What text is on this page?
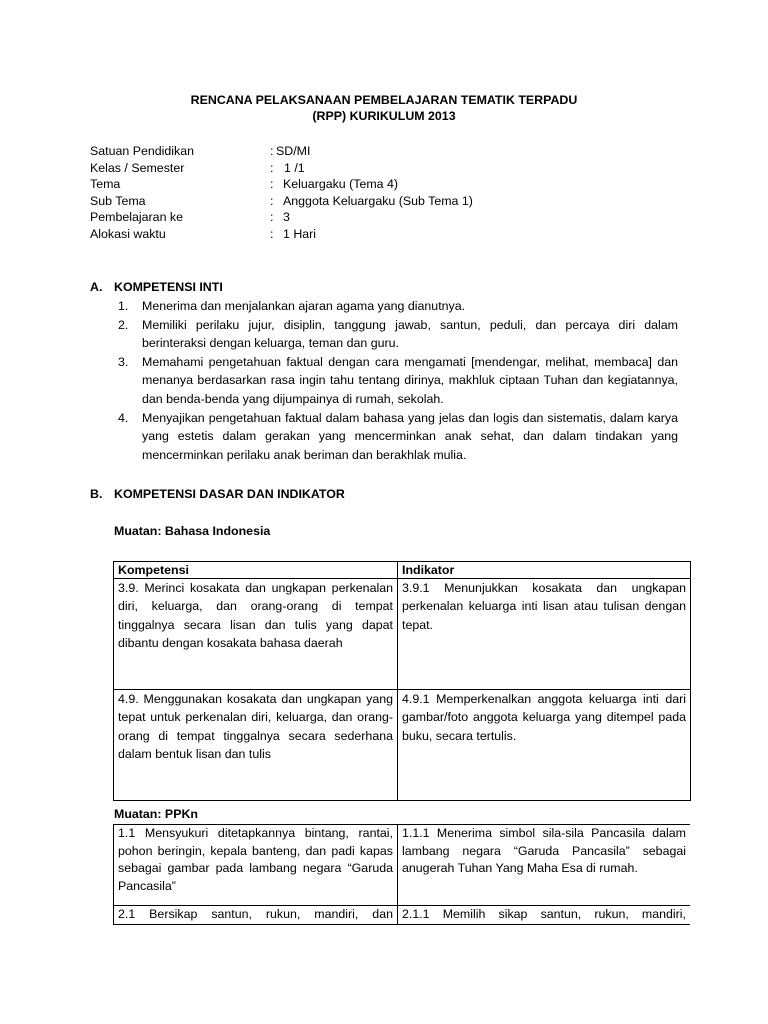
RENCANA PELAKSANAAN PEMBELAJARAN TEMATIK TERPADU
(RPP) KURIKULUM 2013
Satuan Pendidikan	: SD/MI
Kelas / Semester	: 1 /1
Tema	: Keluargaku (Tema 4)
Sub Tema	: Anggota Keluargaku (Sub Tema 1)
Pembelajaran ke	: 3
Alokasi waktu	: 1 Hari
A. KOMPETENSI INTI
1. Menerima dan menjalankan ajaran agama yang dianutnya.
2. Memiliki perilaku jujur, disiplin, tanggung jawab, santun, peduli, dan percaya diri dalam berinteraksi dengan keluarga, teman dan guru.
3. Memahami pengetahuan faktual dengan cara mengamati [mendengar, melihat, membaca] dan menanya berdasarkan rasa ingin tahu tentang dirinya, makhluk ciptaan Tuhan dan kegiatannya, dan benda-benda yang dijumpainya di rumah, sekolah.
4. Menyajikan pengetahuan faktual dalam bahasa yang jelas dan logis dan sistematis, dalam karya yang estetis dalam gerakan yang mencerminkan anak sehat, dan dalam tindakan yang mencerminkan perilaku anak beriman dan berakhlak mulia.
B. KOMPETENSI DASAR DAN INDIKATOR
Muatan: Bahasa Indonesia
Kompetensi	Indikator

3.9. Merinci kosakata dan ungkapan perkenalan diri, keluarga, dan orang-orang di tempat tinggalnya secara lisan dan tulis yang dapat dibantu dengan kosakata bahasa daerah	3.9.1 Menunjukkan kosakata dan ungkapan perkenalan keluarga inti lisan atau tulisan dengan tepat.

4.9. Menggunakan kosakata dan ungkapan yang tepat untuk perkenalan diri, keluarga, dan orang-orang di tempat tinggalnya secara sederhana dalam bentuk lisan dan tulis	4.9.1 Memperkenalkan anggota keluarga inti dari gambar/foto anggota keluarga yang ditempel pada buku, secara tertulis.
Muatan: PPKn
1.1 Mensyukuri ditetapkannya bintang, rantai, pohon beringin, kepala banteng, dan padi kapas sebagai gambar pada lambang negara “Garuda Pancasila”	1.1.1 Menerima simbol sila-sila Pancasila dalam lambang negara “Garuda Pancasila” sebagai anugerah Tuhan Yang Maha Esa di rumah.

2.1 Bersikap santun, rukun, mandiri, dan	2.1.1 Memilih sikap santun, rukun, mandiri,
